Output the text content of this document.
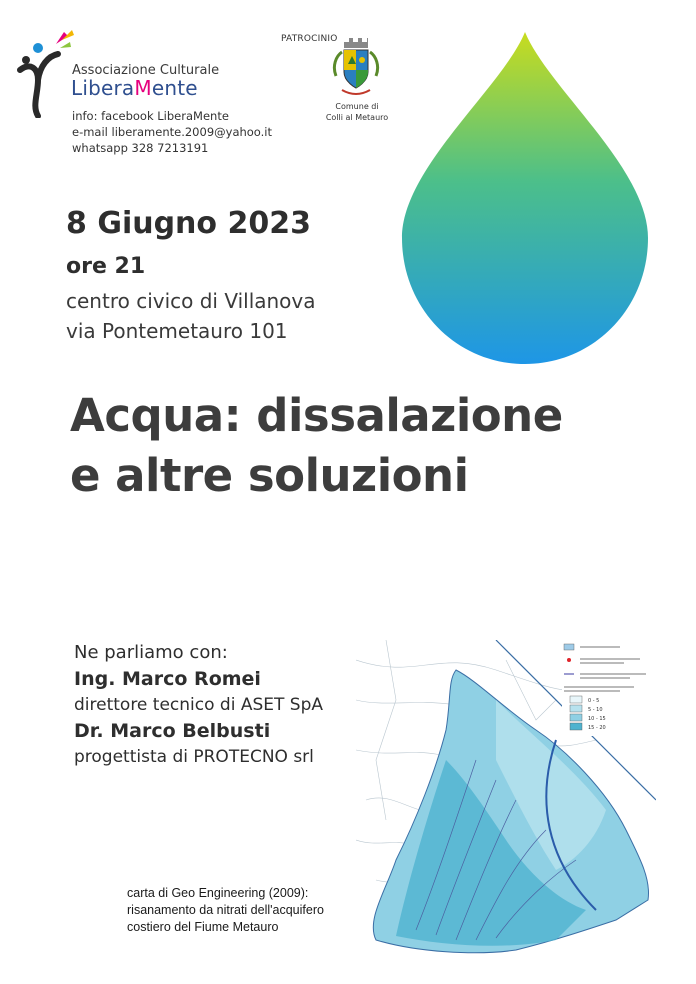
Associazione Culturale
LiberaMente
info: facebook LiberaMente
e-mail liberamente.2009@yahoo.it
whatsapp 328 7213191
PATROCINIO
Comune di
Colli al Metauro
8 Giugno 2023
ore 21
centro civico di Villanova
via Pontemetauro 101
Acqua: dissalazione
e altre soluzioni
Ne parliamo con:
Ing. Marco Romei
direttore tecnico di ASET SpA
Dr. Marco Belbusti
progettista di PROTECNO srl
0 - 5
5 - 10
10 - 15
15 - 20
carta di Geo Engineering (2009):
risanamento da nitrati dell'acquifero
costiero del Fiume Metauro
